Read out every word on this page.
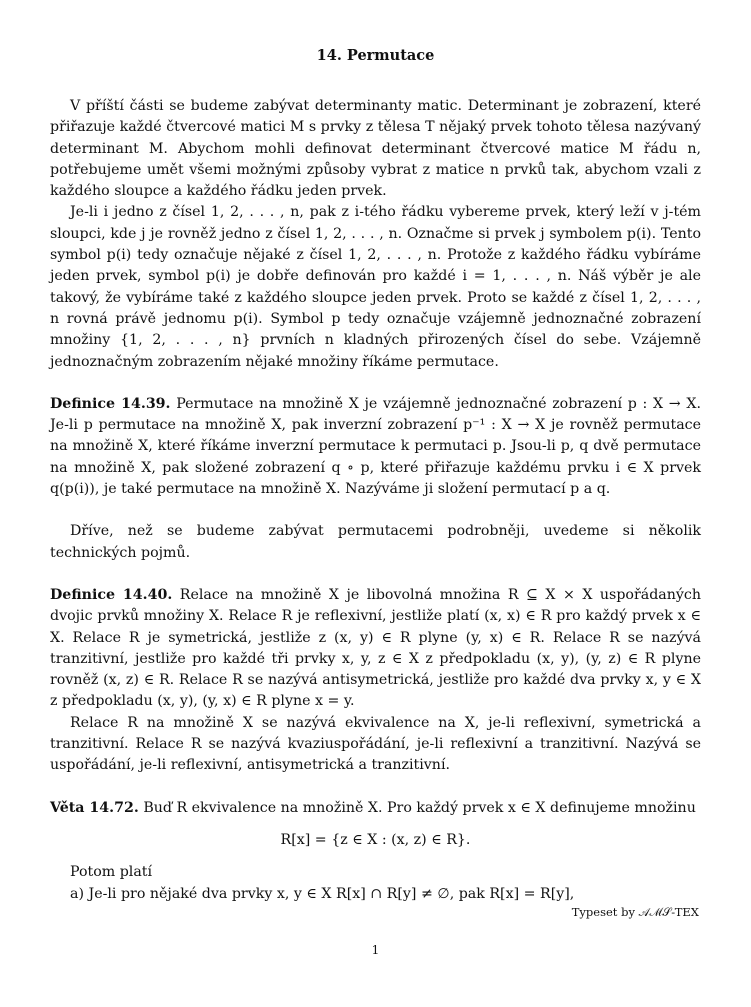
14. Permutace

V příští části se budeme zabývat determinanty matic. Determinant je zobrazení, které přiřazuje každé čtvercové matici M s prvky z tělesa T nějaký prvek tohoto tělesa nazývaný determinant M. Abychom mohli definovat determinant čtvercové matice M řádu n, potřebujeme umět všemi možnými způsoby vybrat z matice n prvků tak, abychom vzali z každého sloupce a každého řádku jeden prvek.

Je-li i jedno z čísel 1, 2, . . . , n, pak z i-tého řádku vybereme prvek, který leží v j-tém sloupci, kde j je rovněž jedno z čísel 1, 2, . . . , n. Označme si prvek j symbolem p(i). Tento symbol p(i) tedy označuje nějaké z čísel 1, 2, . . . , n. Protože z každého řádku vybíráme jeden prvek, symbol p(i) je dobře definován pro každé i = 1, . . . , n. Náš výběr je ale takový, že vybíráme také z každého sloupce jeden prvek. Proto se každé z čísel 1, 2, . . . , n rovná právě jednomu p(i). Symbol p tedy označuje vzájemně jednoznačné zobrazení množiny {1, 2, . . . , n} prvních n kladných přirozených čísel do sebe. Vzájemně jednoznačným zobrazením nějaké množiny říkáme permutace.

Definice 14.39. Permutace na množině X je vzájemně jednoznačné zobrazení p : X → X. Je-li p permutace na množině X, pak inverzní zobrazení p⁻¹ : X → X je rovněž permutace na množině X, které říkáme inverzní permutace k permutaci p. Jsou-li p, q dvě permutace na množině X, pak složené zobrazení q ∘ p, které přiřazuje každému prvku i ∈ X prvek q(p(i)), je také permutace na množině X. Nazýváme ji složení permutací p a q.

Dříve, než se budeme zabývat permutacemi podrobněji, uvedeme si několik technických pojmů.

Definice 14.40. Relace na množině X je libovolná množina R ⊆ X × X uspořádaných dvojic prvků množiny X. Relace R je reflexivní, jestliže platí (x, x) ∈ R pro každý prvek x ∈ X. Relace R je symetrická, jestliže z (x, y) ∈ R plyne (y, x) ∈ R. Relace R se nazývá tranzitivní, jestliže pro každé tři prvky x, y, z ∈ X z předpokladu (x, y), (y, z) ∈ R plyne rovněž (x, z) ∈ R. Relace R se nazývá antisymetrická, jestliže pro každé dva prvky x, y ∈ X z předpokladu (x, y), (y, x) ∈ R plyne x = y.

Relace R na množině X se nazývá ekvivalence na X, je-li reflexivní, symetrická a tranzitivní. Relace R se nazývá kvaziuspořádání, je-li reflexivní a tranzitivní. Nazývá se uspořádání, je-li reflexivní, antisymetrická a tranzitivní.

Věta 14.72. Buď R ekvivalence na množině X. Pro každý prvek x ∈ X definujeme množinu

R[x] = {z ∈ X : (x, z) ∈ R}.

Potom platí

a) Je-li pro nějaké dva prvky x, y ∈ X R[x] ∩ R[y] ≠ ∅, pak R[x] = R[y],

Typeset by 𝒜ℳ𝒮-TEX
1
